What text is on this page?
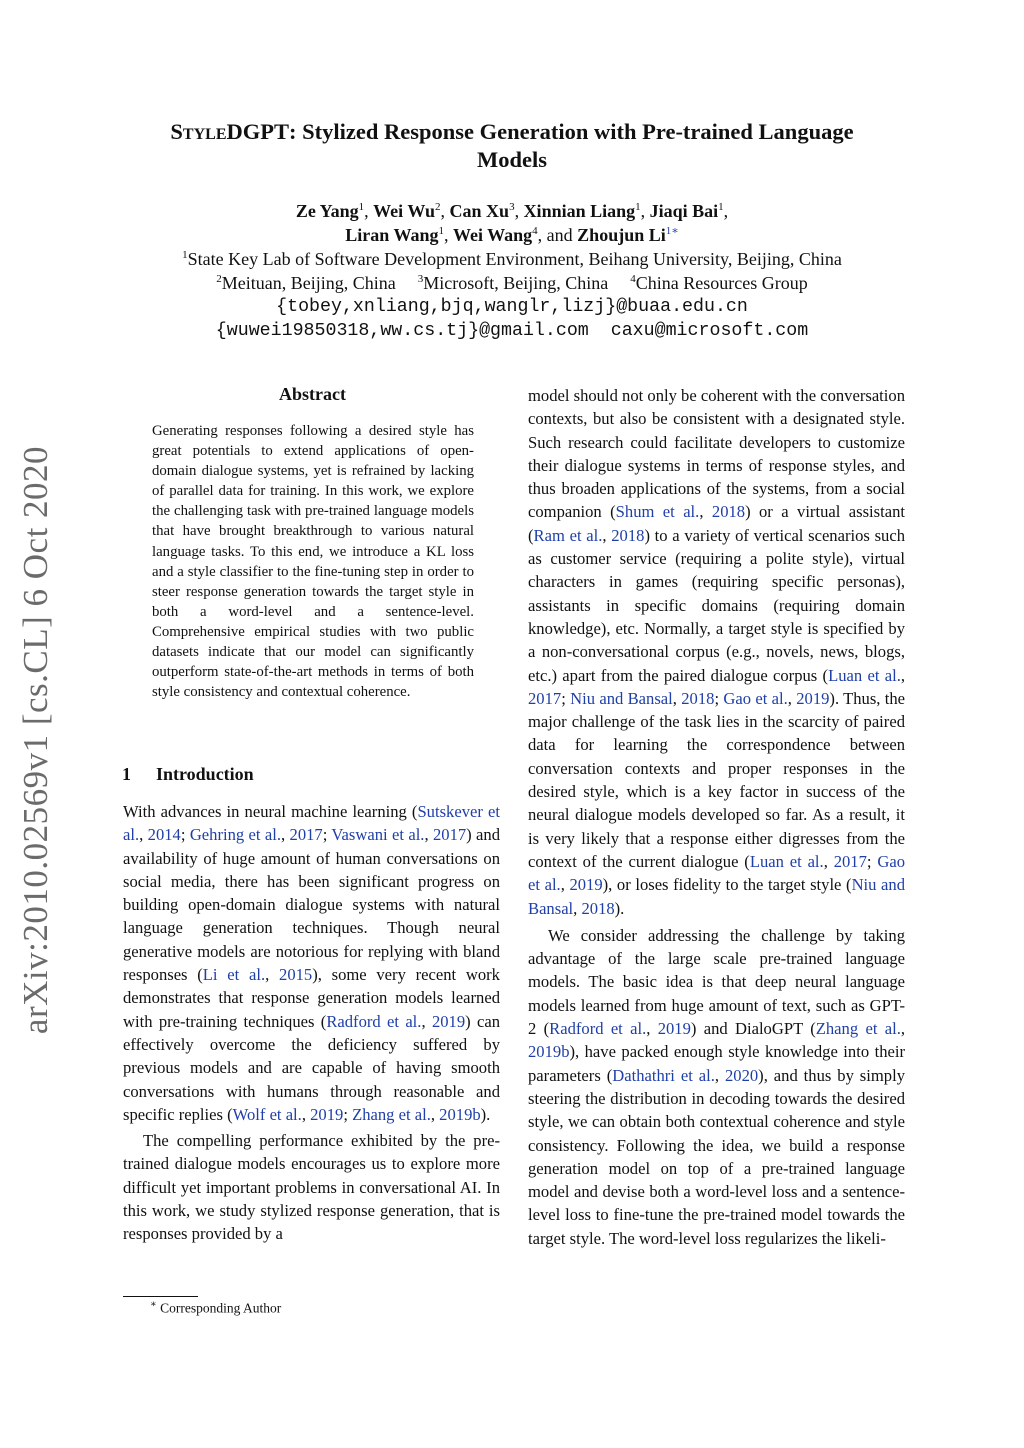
arXiv:2010.02569v1 [cs.CL] 6 Oct 2020
StyleDGPT: Stylized Response Generation with Pre-trained Language
Models
Ze Yang$^1$, Wei Wu$^2$, Can Xu$^3$, Xinnian Liang$^1$, Jiaqi Bai$^1$,
Liran Wang$^1$, Wei Wang$^4$, and Zhoujun $Li^{1∗}$
$^1$State Key Lab of Software Development Environment, Beihang University, Beijing, China
$^2$Meituan, Beijing, China $^3$Microsoft, Beijing, China $^4$China Resources Group
{tobey,xnliang,bjq,wanglr,lizj}@buaa.edu.cn
{wuwei19850318,ww.cs.tj}@gmail.com caxu@microsoft.com
Abstract
Generating responses following a desired style has great potentials to extend applications of open-domain dialogue systems, yet is refrained by lacking of parallel data for training. In this work, we explore the challenging task with pre-trained language models that have brought breakthrough to various natural language tasks. To this end, we introduce a KL loss and a style classifier to the fine-tuning step in order to steer response generation towards the target style in both a word-level and a sentence-level. Comprehensive empirical studies with two public datasets indicate that our model can significantly outperform state-of-the-art methods in terms of both style consistency and contextual coherence.
1 Introduction

With advances in neural machine learning (Sutskever et al., 2014; Gehring et al., 2017; Vaswani et al., 2017) and availability of huge amount of human conversations on social media, there has been significant progress on building open-domain dialogue systems with natural language generation techniques. Though neural generative models are notorious for replying with bland responses (Li et al., 2015), some very recent work demonstrates that response generation models learned with pre-training techniques (Radford et al., 2019) can effectively overcome the deficiency suffered by previous models and are capable of having smooth conversations with humans through reasonable and specific replies (Wolf et al., 2019; Zhang et al., 2019b).

The compelling performance exhibited by the pre-trained dialogue models encourages us to explore more difficult yet important problems in conversational AI. In this work, we study stylized response generation, that is responses provided by a

model should not only be coherent with the conversation contexts, but also be consistent with a designated style. Such research could facilitate developers to customize their dialogue systems in terms of response styles, and thus broaden applications of the systems, from a social companion (Shum et al., 2018) or a virtual assistant (Ram et al., 2018) to a variety of vertical scenarios such as customer service (requiring a polite style), virtual characters in games (requiring specific personas), assistants in specific domains (requiring domain knowledge), etc. Normally, a target style is specified by a non-conversational corpus (e.g., novels, news, blogs, etc.) apart from the paired dialogue corpus (Luan et al., 2017; Niu and Bansal, 2018; Gao et al., 2019). Thus, the major challenge of the task lies in the scarcity of paired data for learning the correspondence between conversation contexts and proper responses in the desired style, which is a key factor in success of the neural dialogue models developed so far. As a result, it is very likely that a response either digresses from the context of the current dialogue (Luan et al., 2017; Gao et al., 2019), or loses fidelity to the target style (Niu and Bansal, 2018).

We consider addressing the challenge by taking advantage of the large scale pre-trained language models. The basic idea is that deep neural language models learned from huge amount of text, such as GPT-2 (Radford et al., 2019) and DialoGPT (Zhang et al., 2019b), have packed enough style knowledge into their parameters (Dathathri et al., 2020), and thus by simply steering the distribution in decoding towards the desired style, we can obtain both contextual coherence and style consistency. Following the idea, we build a response generation model on top of a pre-trained language model and devise both a word-level loss and a sentence-level loss to fine-tune the pre-trained model towards the target style. The word-level loss regularizes the likeli-

∗ Corresponding Author
